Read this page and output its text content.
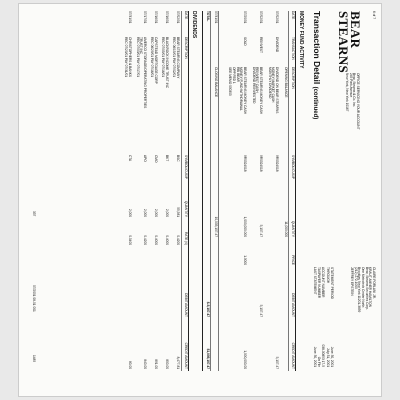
6 of 7
BEAR
STEARNS
OFFICE SERVICING YOUR ACCOUNT
Bear, Stearns & Co. Inc.
245 Park Avenue
New York, New York 10167
CLAIRE FORLANI JR.
KRAUT AMNER HAMILTON
Bear, Stearns Securities Corp.
One Metrotech Center North
Brooklyn, New York 11201-3859
(212) 272-1000
JEFFREY EPSTEIN
STATEMENT PERIOD
June 30, 2001
THROUGH
July 31, 2001
ACCOUNT NUMBER
038-00853 17-5
TAXPAYER NUMBER
On File
LAST STATEMENT
June 30, 2001
Transaction Detail (continued)
MONEY FUND ACTIVITY
DATE
TRANSACTION
DESCRIPTION
SYMBOL/CUSIP
QUANTITY
PRICE
DEBIT AMOUNT
CREDIT AMOUNT
OPENING BALANCE
11,000.000
07/02/01
DIVIDEND
DIVIDEND ON BEAR STEARNS
MONEY MARKET CASH
MONTHLY DIVIDEND
9R0024018
5,107.47
07/02/01
REINVEST
BEAR STEARNS MONEY CASH
REINVEST CASH
DIVIDEND REINVESTED
9R0024018
5,107.47
5,107.47
07/20/01
SOLD
BEAR STEARNS MONEY CASH
MONEY FUND WITHDRAWAL
RBI BEAR
OPP FED 1
SEE MEMO 000300
9R0024018
1,000,000.000
1.0000
1,000,000.00
07/31/01
CLOSING BALANCE
10,005,107.47
TOTAL
$-5,107.47
$1,005,107.47
DIVIDENDS
DATE
DESCRIPTION
SYMBOL/CUSIP
QUANTITY
RATE (¢)
DEBIT AMOUNT
CREDIT AMOUNT
07/02/01
BEAR STEARNS COMPANY
REC 06/15/01 PAY 07/02/01
BSC
55,581
0.4200
8,477.81
07/16/01
BLACKROCK INCOME TRUST INC
REC 07/05/01 PAY 07/16/01
BKT
2,000
0.4000
800.00
07/16/01
CAPSTEAD MORTGAGE CORP
REC 06/29/01 PAY 07/16/01
CMO
2,000
0.4000
891.00
07/17/01
AMERCO STORAGE/OPERATING PROPERTIES
TRUST INC
REC 07/03/01 PAY 07/17/01
APO
2,000
0.4200
840.00
07/31/01
CHRISTOPHERS & BANKS
REC 07/20/01 PAY 07/31/01
CTA
2,000
0.0400
80.00
337
07/2001 08-01 001
1485
